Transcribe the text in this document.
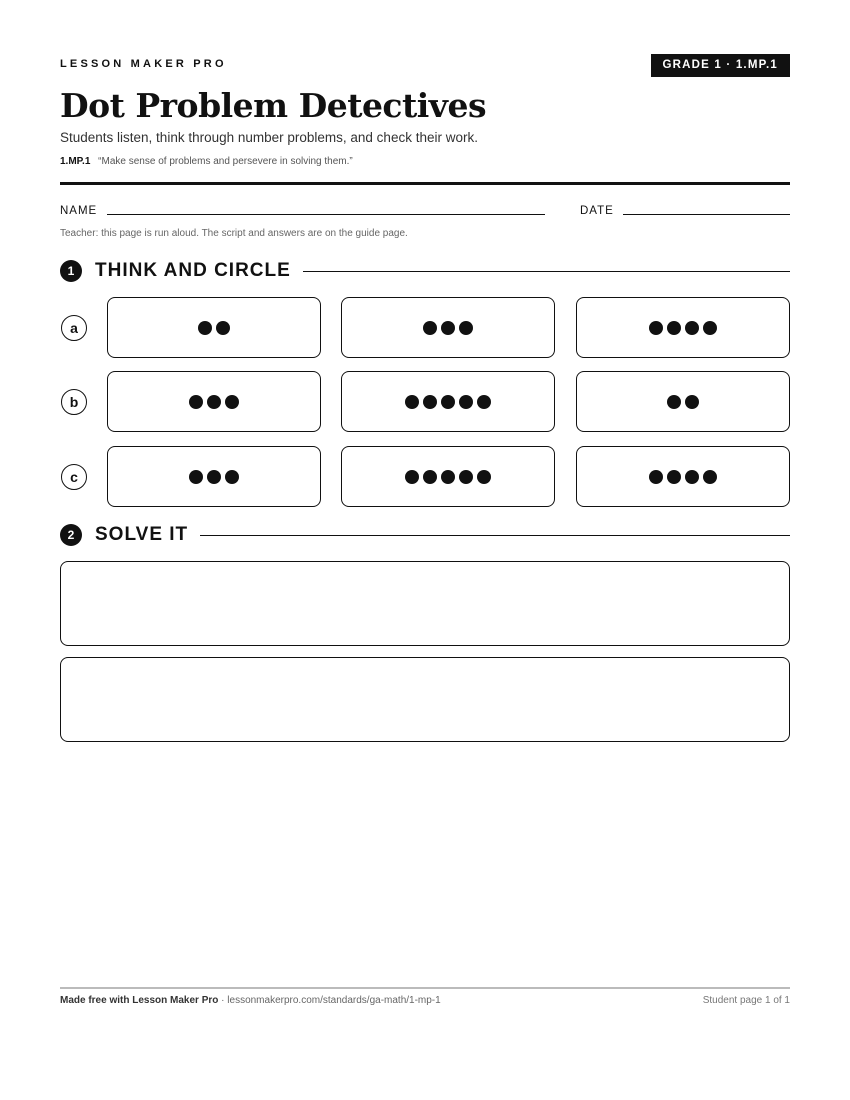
LESSON MAKER PRO	GRADE 1 · 1.MP.1
Dot Problem Detectives
Students listen, think through number problems, and check their work.
1.MP.1 “Make sense of problems and persevere in solving them.”
NAME	DATE
Teacher: this page is run aloud. The script and answers are on the guide page.
1	THINK AND CIRCLE
a
b
c
2	SOLVE IT
Made free with Lesson Maker Pro · lessonmakerpro.com/standards/ga-math/1-mp-1	Student page 1 of 1
